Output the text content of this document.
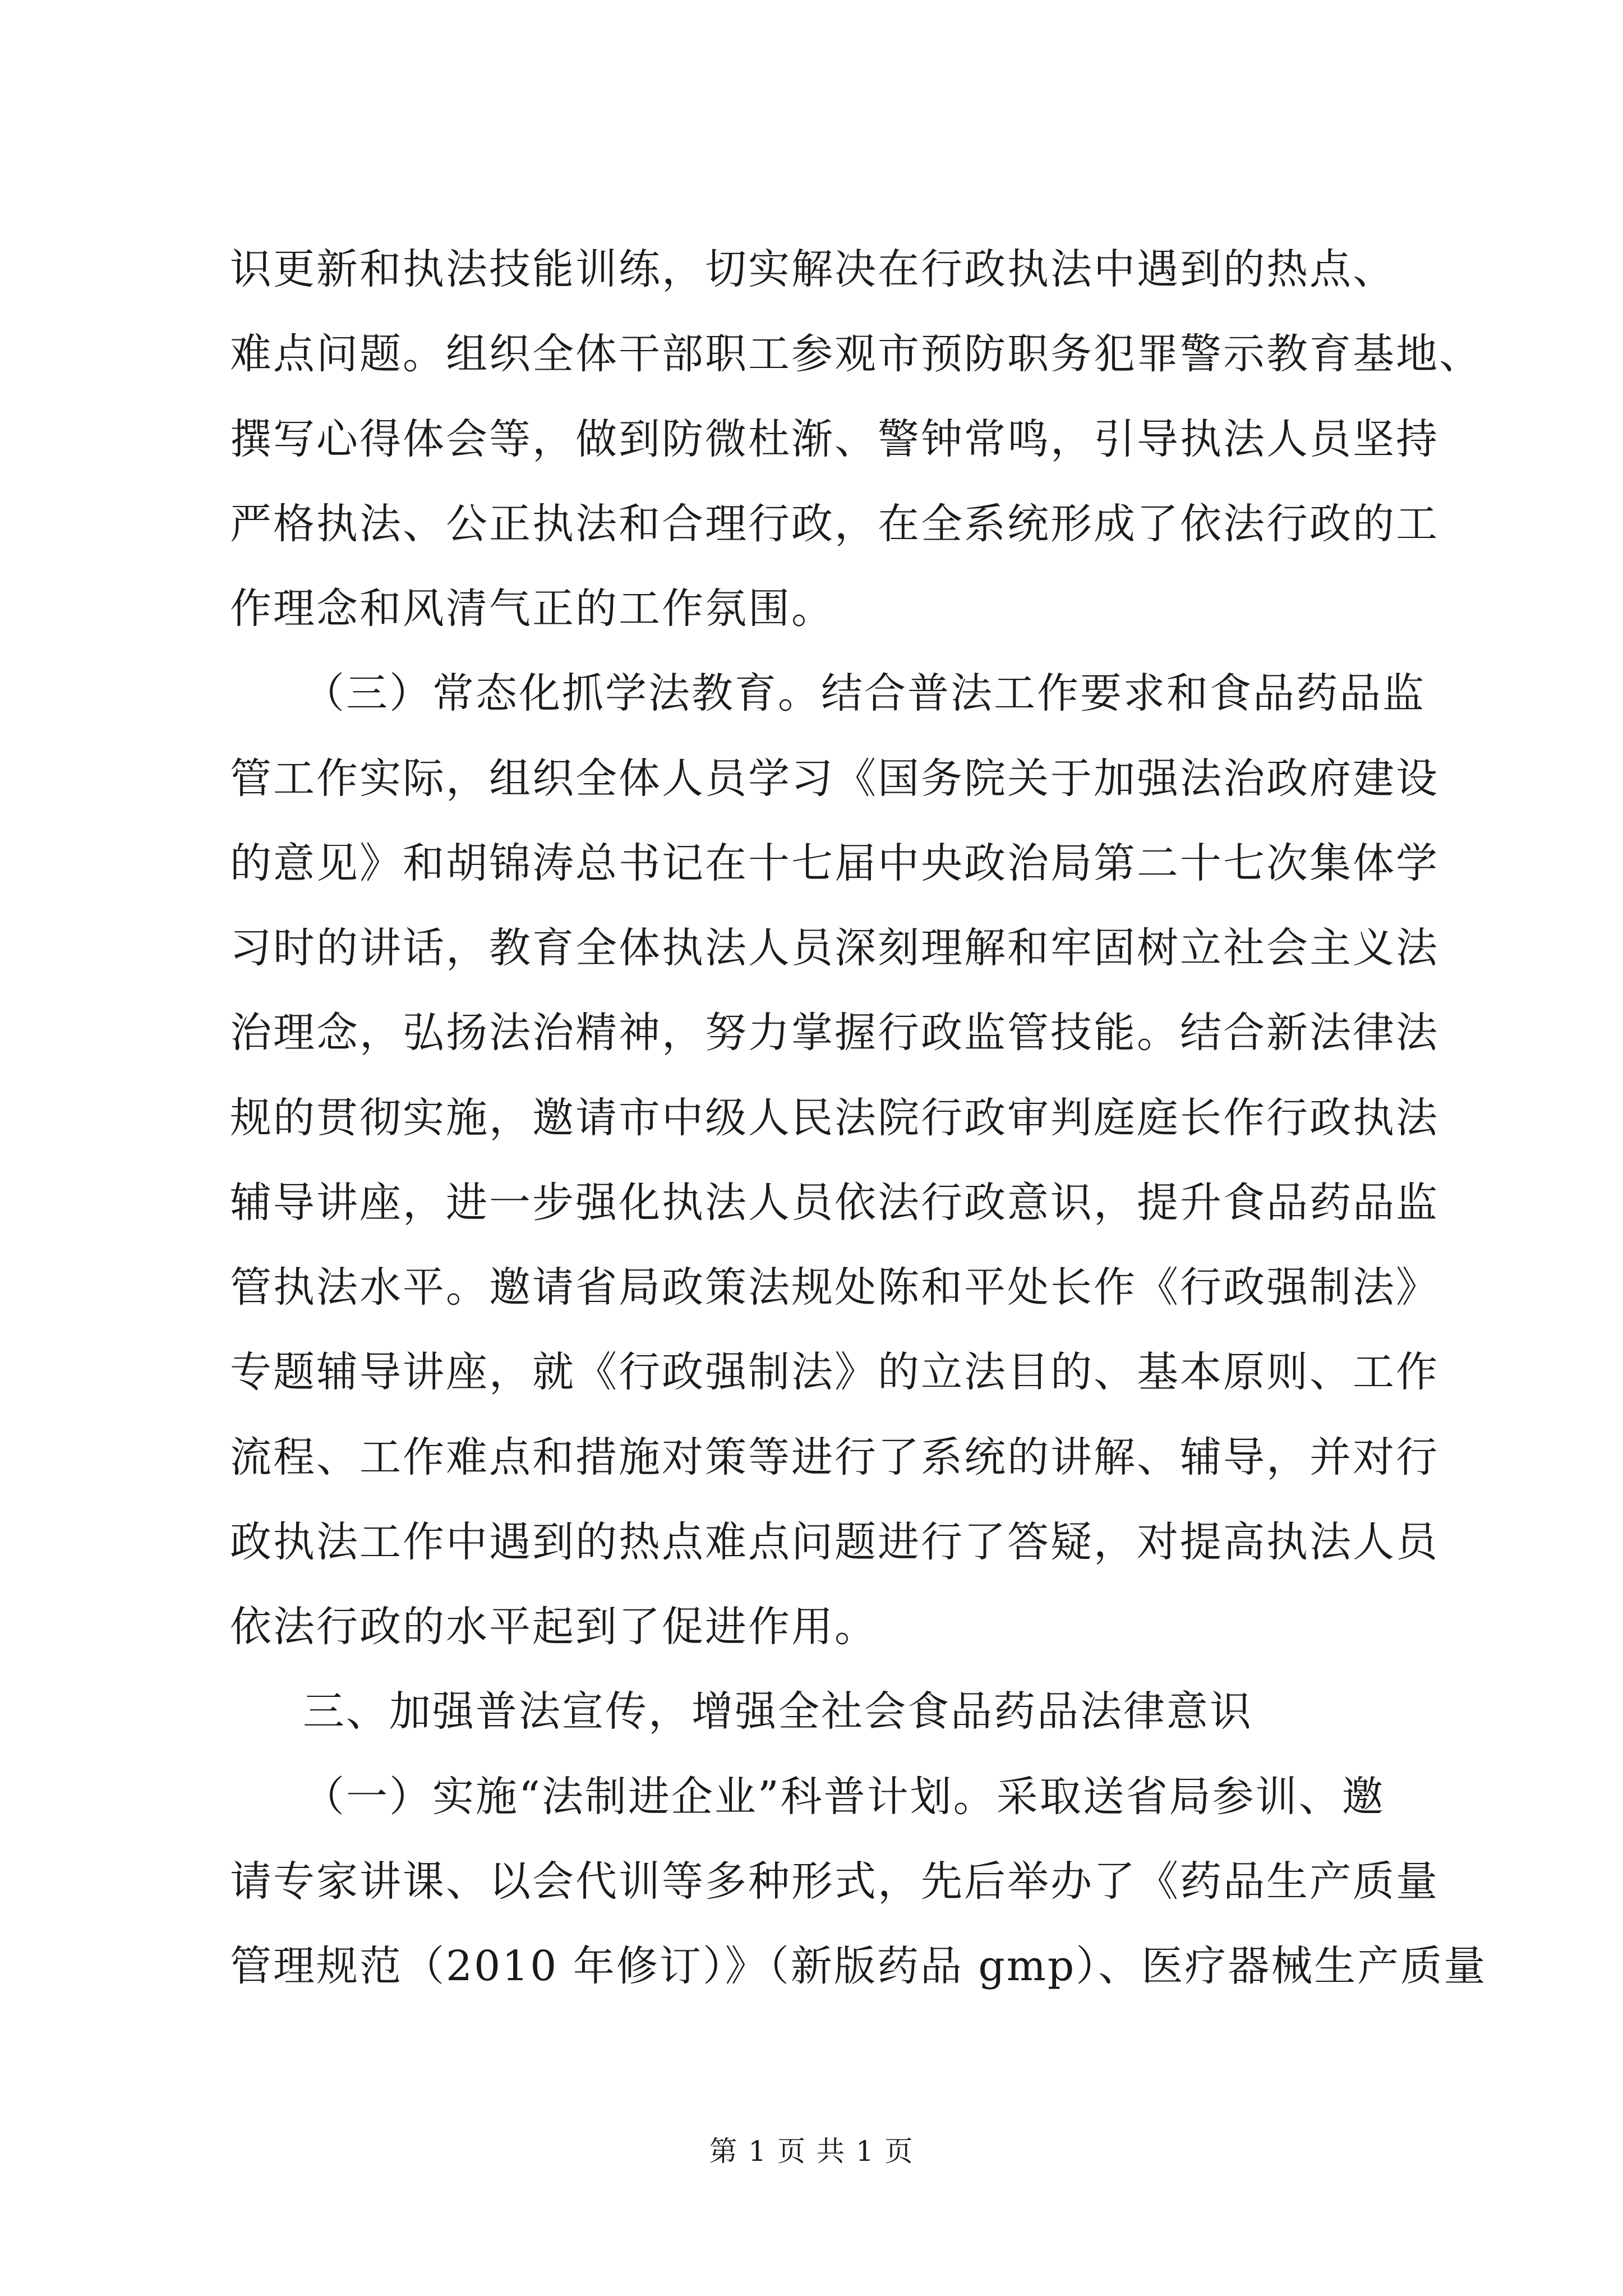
识更新和执法技能训练，切实解决在行政执法中遇到的热点、
难点问题。组织全体干部职工参观市预防职务犯罪警示教育基地、
撰写心得体会等，做到防微杜渐、警钟常鸣，引导执法人员坚持
严格执法、公正执法和合理行政，在全系统形成了依法行政的工
作理念和风清气正的工作氛围。
（三）常态化抓学法教育。结合普法工作要求和食品药品监
管工作实际，组织全体人员学习《国务院关于加强法治政府建设
的意见》和胡锦涛总书记在十七届中央政治局第二十七次集体学
习时的讲话，教育全体执法人员深刻理解和牢固树立社会主义法
治理念，弘扬法治精神，努力掌握行政监管技能。结合新法律法
规的贯彻实施，邀请市中级人民法院行政审判庭庭长作行政执法
辅导讲座，进一步强化执法人员依法行政意识，提升食品药品监
管执法水平。邀请省局政策法规处陈和平处长作《行政强制法》
专题辅导讲座，就《行政强制法》的立法目的、基本原则、工作
流程、工作难点和措施对策等进行了系统的讲解、辅导，并对行
政执法工作中遇到的热点难点问题进行了答疑，对提高执法人员
依法行政的水平起到了促进作用。
三、加强普法宣传，增强全社会食品药品法律意识
（一）实施“法制进企业”科普计划。采取送省局参训、邀
请专家讲课、以会代训等多种形式，先后举办了《药品生产质量
管理规范（2010 年修订）》（新版药品 gmp）、医疗器械生产质量
第 1 页 共 1 页
